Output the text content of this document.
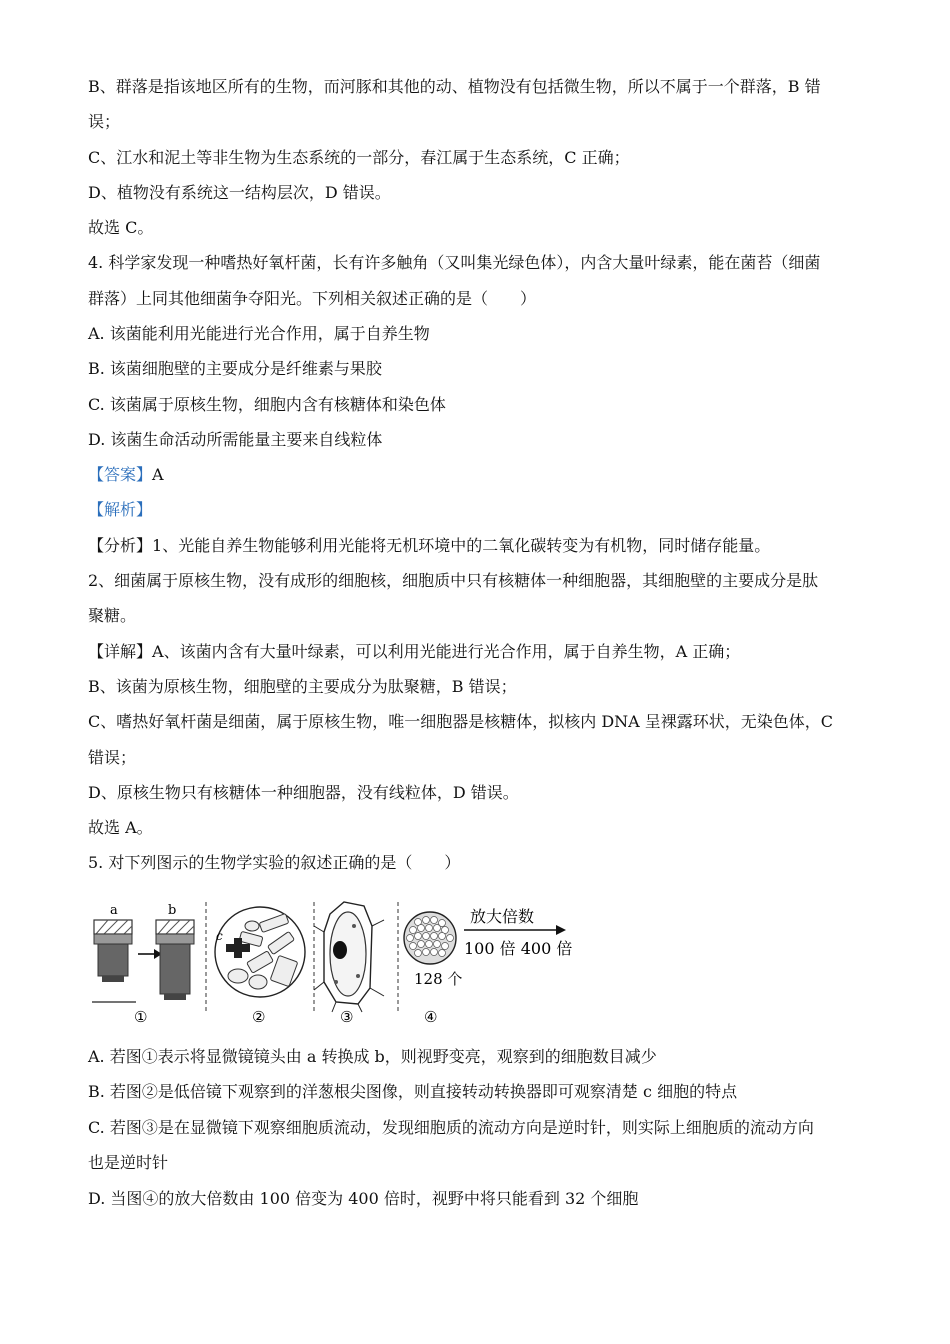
B、群落是指该地区所有的生物，而河豚和其他的动、植物没有包括微生物，所以不属于一个群落，B 错
误；
C、江水和泥土等非生物为生态系统的一部分，春江属于生态系统，C 正确；
D、植物没有系统这一结构层次，D 错误。
故选 C。
4. 科学家发现一种嗜热好氧杆菌，长有许多触角（又叫集光绿色体），内含大量叶绿素，能在菌苔（细菌
群落）上同其他细菌争夺阳光。下列相关叙述正确的是（　　）
A. 该菌能利用光能进行光合作用，属于自养生物
B. 该菌细胞壁的主要成分是纤维素与果胶
C. 该菌属于原核生物，细胞内含有核糖体和染色体
D. 该菌生命活动所需能量主要来自线粒体
【答案】A
【解析】
【分析】1、光能自养生物能够利用光能将无机环境中的二氧化碳转变为有机物，同时储存能量。
2、细菌属于原核生物，没有成形的细胞核，细胞质中只有核糖体一种细胞器，其细胞壁的主要成分是肽
聚糖。
【详解】A、该菌内含有大量叶绿素，可以利用光能进行光合作用，属于自养生物，A 正确；
B、该菌为原核生物，细胞壁的主要成分为肽聚糖，B 错误；
C、嗜热好氧杆菌是细菌，属于原核生物，唯一细胞器是核糖体，拟核内 DNA 呈裸露环状，无染色体，C
错误；
D、原核生物只有核糖体一种细胞器，没有线粒体，D 错误。
故选 A。
5. 对下列图示的生物学实验的叙述正确的是（　　）
a	b
①
c
②	③
128 个
放大倍数
100 倍 400 倍
④
A. 若图①表示将显微镜镜头由 a 转换成 b，则视野变亮，观察到的细胞数目减少
B. 若图②是低倍镜下观察到的洋葱根尖图像，则直接转动转换器即可观察清楚 c 细胞的特点
C. 若图③是在显微镜下观察细胞质流动，发现细胞质的流动方向是逆时针，则实际上细胞质的流动方向
也是逆时针
D. 当图④的放大倍数由 100 倍变为 400 倍时，视野中将只能看到 32 个细胞
